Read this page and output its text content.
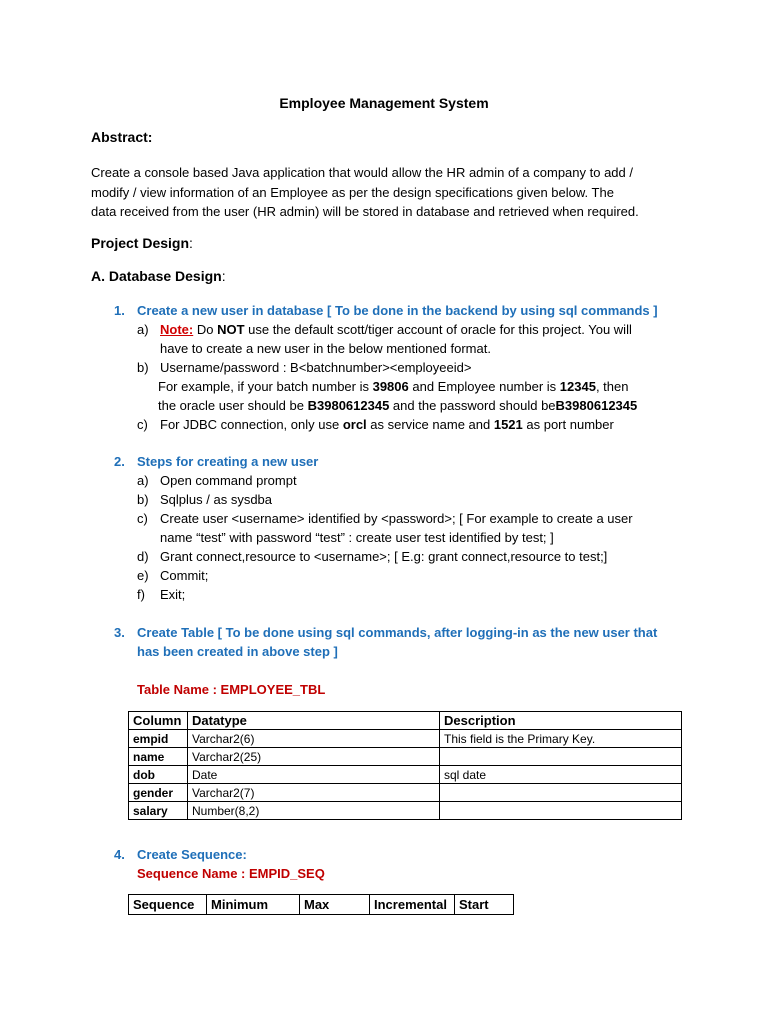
Employee Management System
Abstract:
Create a console based Java application that would allow the HR admin of a company to add /
modify / view information of an Employee as per the design specifications given below. The
data received from the user (HR admin) will be stored in database and retrieved when required.
Project Design:
A. Database Design:
1. Create a new user in database [ To be done in the backend by using sql commands ]
a) Note: Do NOT use the default scott/tiger account of oracle for this project. You will
have to create a new user in the below mentioned format.
b) Username/password : B<batchnumber><employeeid>
For example, if your batch number is 39806 and Employee number is 12345, then
the oracle user should be B3980612345 and the password should beB3980612345
c) For JDBC connection, only use orcl as service name and 1521 as port number
2. Steps for creating a new user
a) Open command prompt
b) Sqlplus / as sysdba
c) Create user <username> identified by <password>; [ For example to create a user
name “test” with password “test” : create user test identified by test; ]
d) Grant connect,resource to <username>; [ E.g: grant connect,resource to test;]
e) Commit;
f) Exit;
3. Create Table [ To be done using sql commands, after logging-in as the new user that
has been created in above step ]
Table Name : EMPLOYEE_TBL
Column	Datatype	Description
empid	Varchar2(6)	This field is the Primary Key.
name	Varchar2(25)	
dob	Date	sql date
gender	Varchar2(7)	
salary	Number(8,2)	
4. Create Sequence:
Sequence Name : EMPID_SEQ
Sequence	Minimum	Max	Incremental	Start
